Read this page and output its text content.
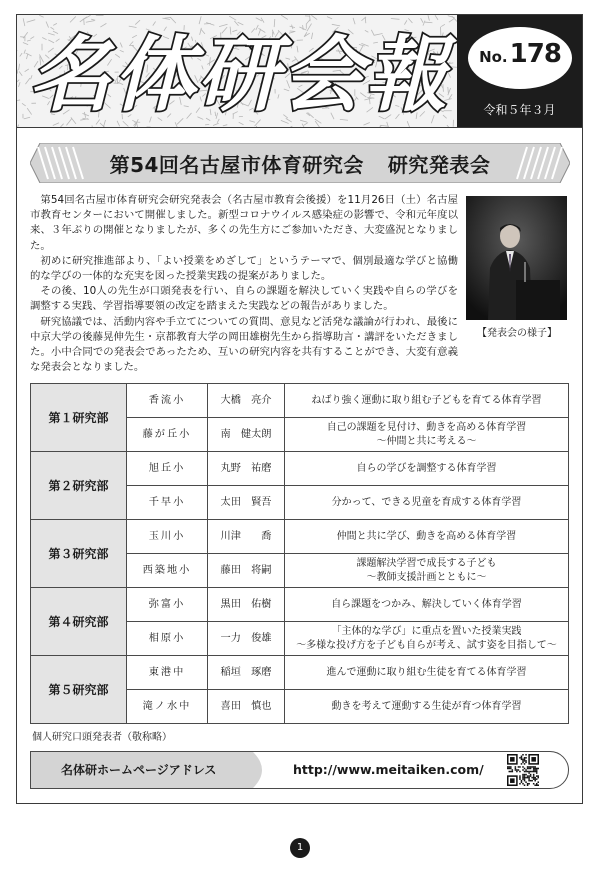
名体研会報	No. 178
令和５年３月
第54回名古屋市体育研究会 研究発表会

第54回名古屋市体育研究会研究発表会（名古屋市教育会後援）を11月26日（土）名古屋市教育センターにおいて開催しました。新型コロナウイルス感染症の影響で、令和元年度以来、３年ぶりの開催となりましたが、多くの先生方にご参加いただき、大変盛況となりました。

初めに研究推進部より、「よい授業をめざして」というテーマで、個別最適な学びと協働的な学びの一体的な充実を図った授業実践の提案がありました。

その後、10人の先生が口頭発表を行い、自らの課題を解決していく実践や自らの学びを調整する実践、学習指導要領の改定を踏まえた実践などの報告がありました。

研究協議では、活動内容や手立てについての質問、意見など活発な議論が行われ、最後に中京大学の後藤晃伸先生・京都教育大学の岡田雄樹先生から指導助言・講評をいただきました。小中合同での発表会であったため、互いの研究内容を共有することができ、大変有意義な発表会となりました。

【発表会の様子】
第１研究部	香流小	大橋　亮介	ねばり強く運動に取り組む子どもを育てる体育学習

	藤が丘小	南　健太朗	自己の課題を見付け、動きを高める体育学習
～仲間と共に考える～

第２研究部	旭丘小	丸野　祐磨	自らの学びを調整する体育学習

	千早小	太田　賢吾	分かって、できる児童を育成する体育学習

第３研究部	玉川小	川津　　喬	仲間と共に学び、動きを高める体育学習

	西築地小	藤田　将嗣	課題解決学習で成長する子ども
～教師支援計画とともに～

第４研究部	弥富小	黒田　佑樹	自ら課題をつかみ、解決していく体育学習

	相原小	一力　俊雄	「主体的な学び」に重点を置いた授業実践
～多様な投げ方を子ども自らが考え、試す姿を目指して～

第５研究部	東港中	稲垣　琢磨	進んで運動に取り組む生徒を育てる体育学習

	滝ノ水中	喜田　慎也	動きを考えて運動する生徒が育つ体育学習
個人研究口頭発表者（敬称略）
名体研ホームページアドレス	http://www.meitaiken.com/
1
